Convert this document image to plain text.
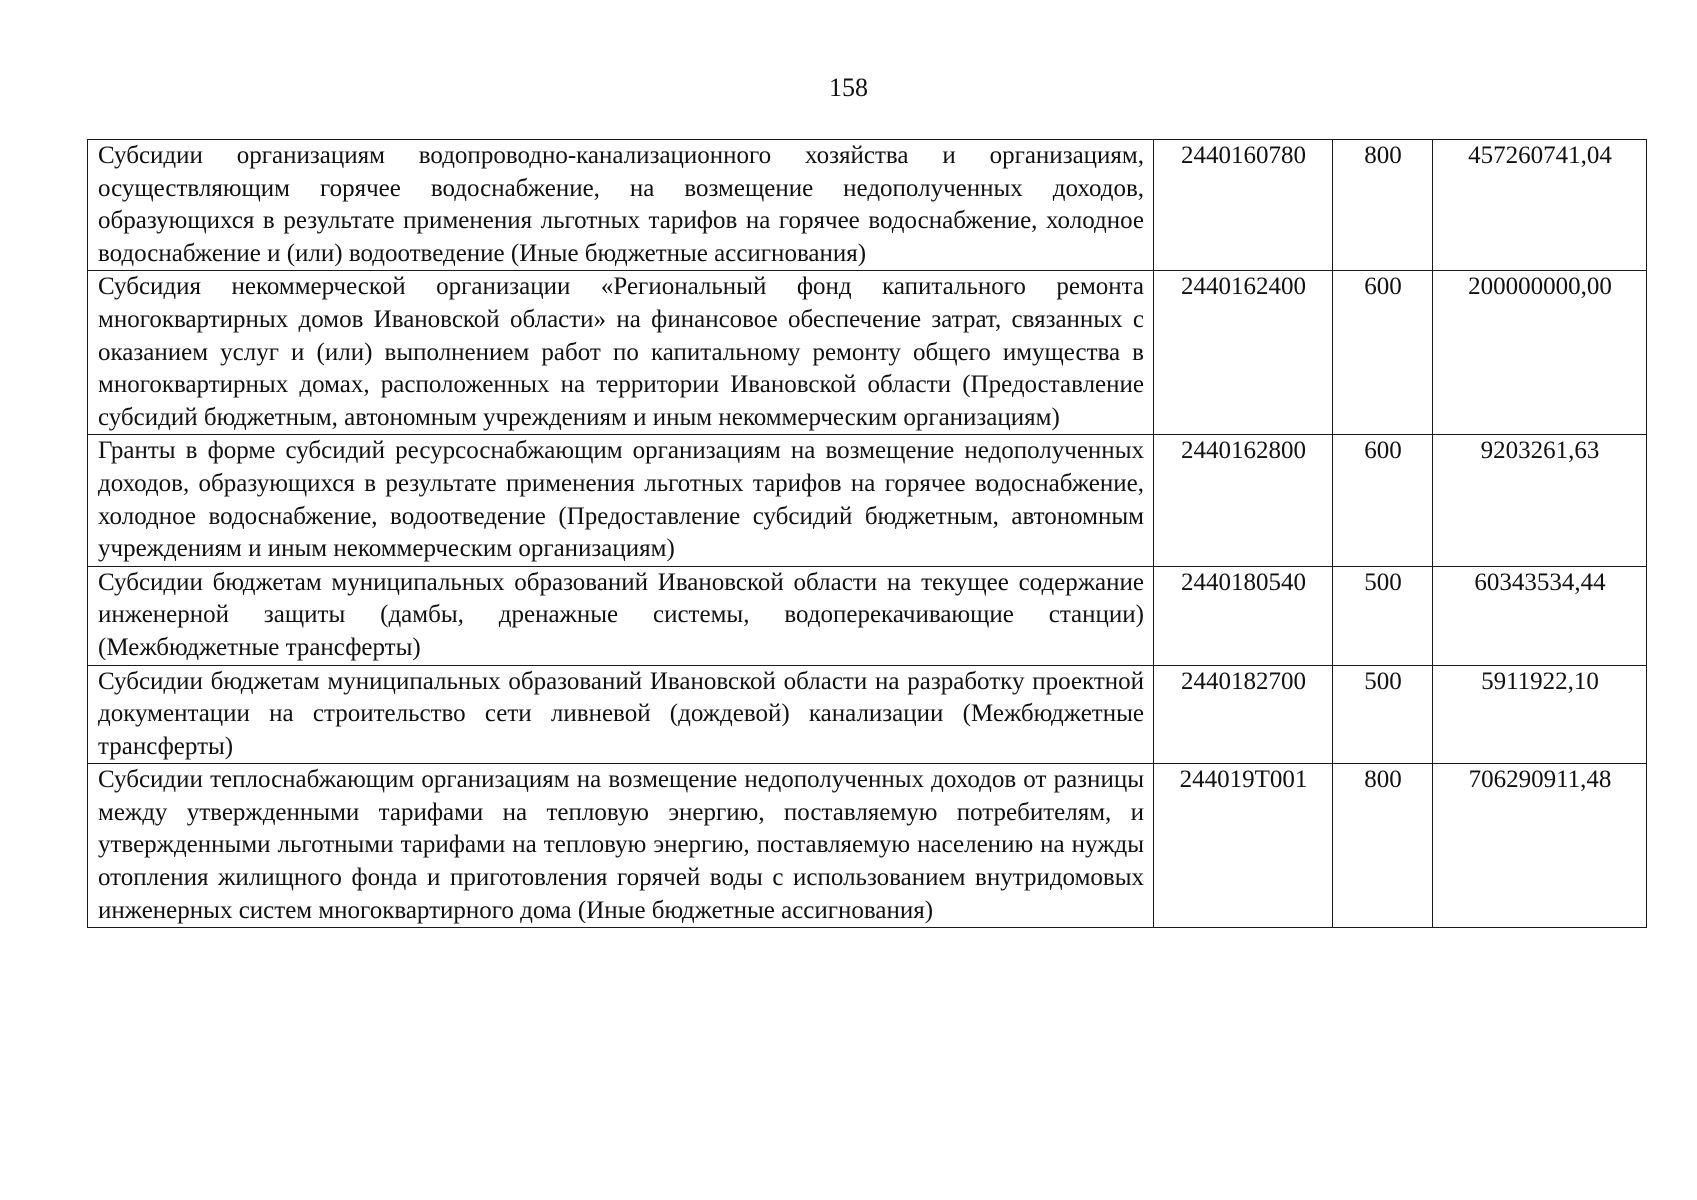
158
Субсидии организациям водопроводно-канализационного хозяйства и организациям, осуществляющим горячее водоснабжение, на возмещение недополученных доходов, образующихся в результате применения льготных тарифов на горячее водоснабжение, холодное водоснабжение и (или) водоотведение (Иные бюджетные ассигнования)	2440160780	800	457260741,04
Субсидия некоммерческой организации «Региональный фонд капитального ремонта многоквартирных домов Ивановской области» на финансовое обеспечение затрат, связанных с оказанием услуг и (или) выполнением работ по капитальному ремонту общего имущества в многоквартирных домах, расположенных на территории Ивановской области (Предоставление субсидий бюджетным, автономным учреждениям и иным некоммерческим организациям)	2440162400	600	200000000,00
Гранты в форме субсидий ресурсоснабжающим организациям на возмещение недополученных доходов, образующихся в результате применения льготных тарифов на горячее водоснабжение, холодное водоснабжение, водоотведение (Предоставление субсидий бюджетным, автономным учреждениям и иным некоммерческим организациям)	2440162800	600	9203261,63
Субсидии бюджетам муниципальных образований Ивановской области на текущее содержание инженерной защиты (дамбы, дренажные системы, водоперекачивающие станции) (Межбюджетные трансферты)	2440180540	500	60343534,44
Субсидии бюджетам муниципальных образований Ивановской области на разработку проектной документации на строительство сети ливневой (дождевой) канализации (Межбюджетные трансферты)	2440182700	500	5911922,10
Субсидии теплоснабжающим организациям на возмещение недополученных доходов от разницы между утвержденными тарифами на тепловую энергию, поставляемую потребителям, и утвержденными льготными тарифами на тепловую энергию, поставляемую населению на нужды отопления жилищного фонда и приготовления горячей воды с использованием внутридомовых инженерных систем многоквартирного дома (Иные бюджетные ассигнования)	244019Т001	800	706290911,48
